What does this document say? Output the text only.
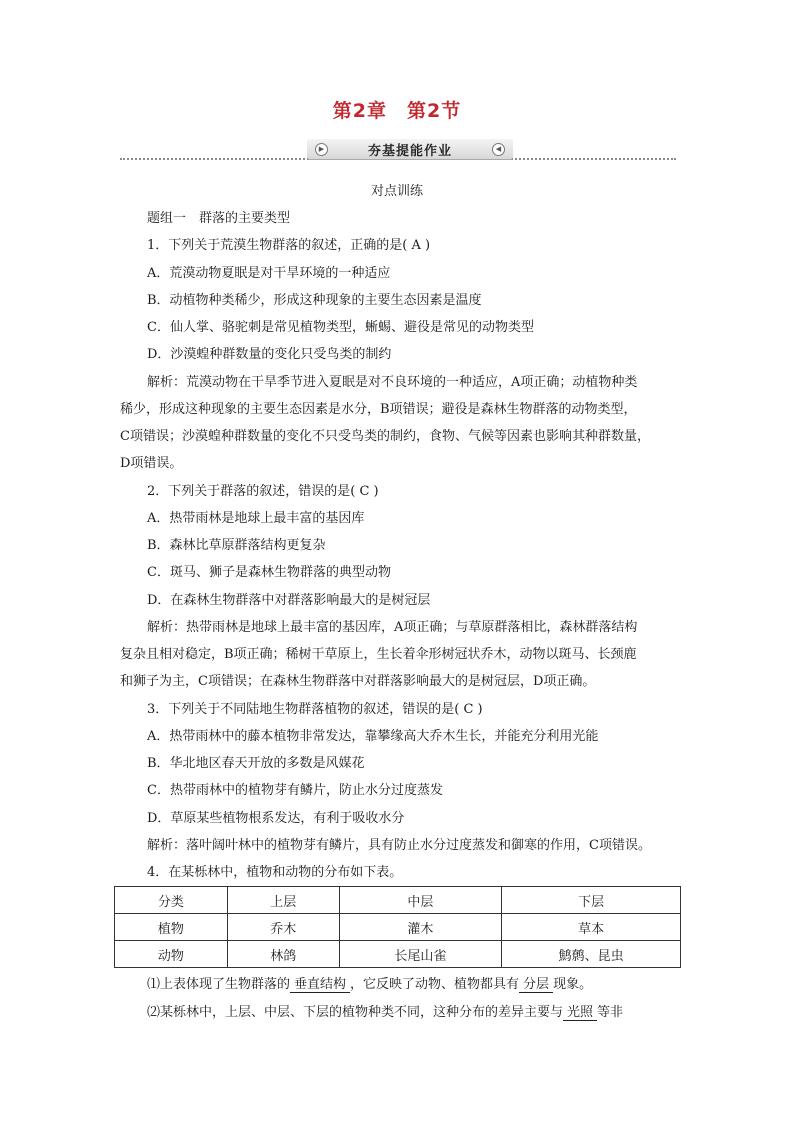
第2章　第2节
▶	夯基提能作业	◀
对点训练
题组一　群落的主要类型
1．下列关于荒漠生物群落的叙述，正确的是( A )
A．荒漠动物夏眠是对干旱环境的一种适应
B．动植物种类稀少，形成这种现象的主要生态因素是温度
C．仙人掌、骆驼刺是常见植物类型，蜥蜴、避役是常见的动物类型
D．沙漠蝗种群数量的变化只受鸟类的制约
解析：荒漠动物在干旱季节进入夏眠是对不良环境的一种适应，A项正确；动植物种类
稀少，形成这种现象的主要生态因素是水分，B项错误；避役是森林生物群落的动物类型，
C项错误；沙漠蝗种群数量的变化不只受鸟类的制约，食物、气候等因素也影响其种群数量，
D项错误。
2．下列关于群落的叙述，错误的是( C )
A．热带雨林是地球上最丰富的基因库
B．森林比草原群落结构更复杂
C．斑马、狮子是森林生物群落的典型动物
D．在森林生物群落中对群落影响最大的是树冠层
解析：热带雨林是地球上最丰富的基因库，A项正确；与草原群落相比，森林群落结构
复杂且相对稳定，B项正确；稀树干草原上，生长着伞形树冠状乔木，动物以斑马、长颈鹿
和狮子为主，C项错误；在森林生物群落中对群落影响最大的是树冠层，D项正确。
3．下列关于不同陆地生物群落植物的叙述，错误的是( C )
A．热带雨林中的藤本植物非常发达，靠攀缘高大乔木生长，并能充分利用光能
B．华北地区春天开放的多数是风媒花
C．热带雨林中的植物芽有鳞片，防止水分过度蒸发
D．草原某些植物根系发达，有利于吸收水分
解析：落叶阔叶林中的植物芽有鳞片，具有防止水分过度蒸发和御寒的作用，C项错误。
4．在某栎林中，植物和动物的分布如下表。
分类	上层	中层	下层
植物	乔木	灌木	草本
动物	林鸽	长尾山雀	鹪鹩、昆虫
⑴上表体现了生物群落的 垂直结构 ，它反映了动物、植物都具有 分层 现象。
⑵某栎林中，上层、中层、下层的植物种类不同，这种分布的差异主要与 光照 等非
